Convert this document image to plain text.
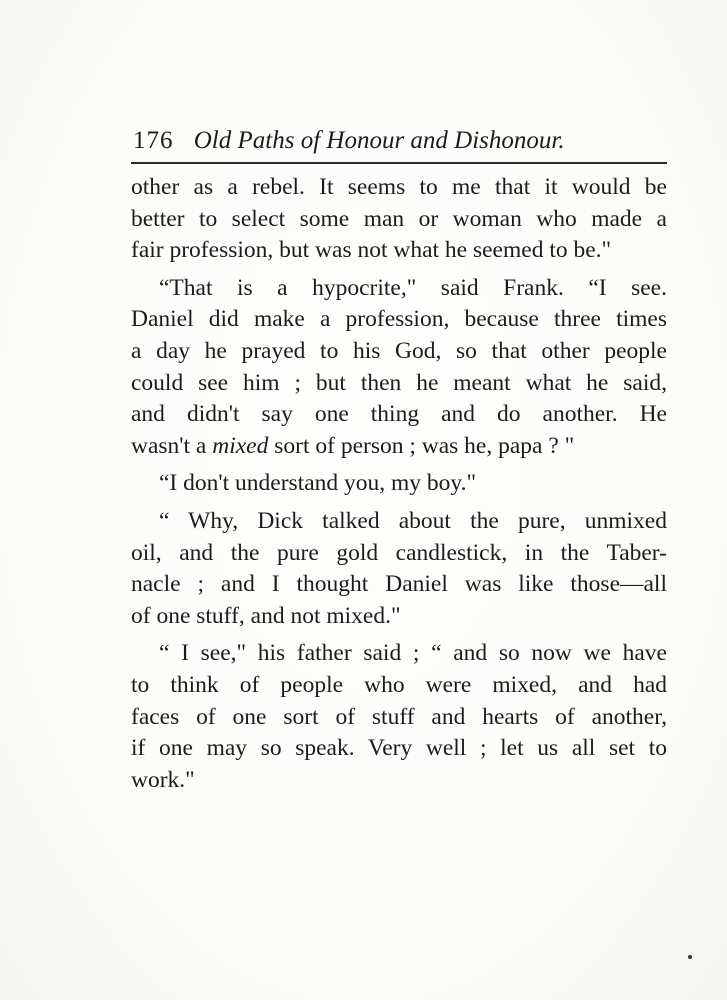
176 Old Paths of Honour and Dishonour.
other as a rebel. It seems to me that it would be
better to select some man or woman who made a
fair profession, but was not what he seemed to be."
“That is a hypocrite," said Frank. “I see.
Daniel did make a profession, because three times
a day he prayed to his God, so that other people
could see him ; but then he meant what he said,
and didn't say one thing and do another. He
wasn't a mixed sort of person ; was he, papa ? "
“I don't understand you, my boy."
“ Why, Dick talked about the pure, unmixed
oil, and the pure gold candlestick, in the Taber-
nacle ; and I thought Daniel was like those—all
of one stuff, and not mixed."
“ I see," his father said ; “ and so now we have
to think of people who were mixed, and had
faces of one sort of stuff and hearts of another,
if one may so speak. Very well ; let us all set to
work."
